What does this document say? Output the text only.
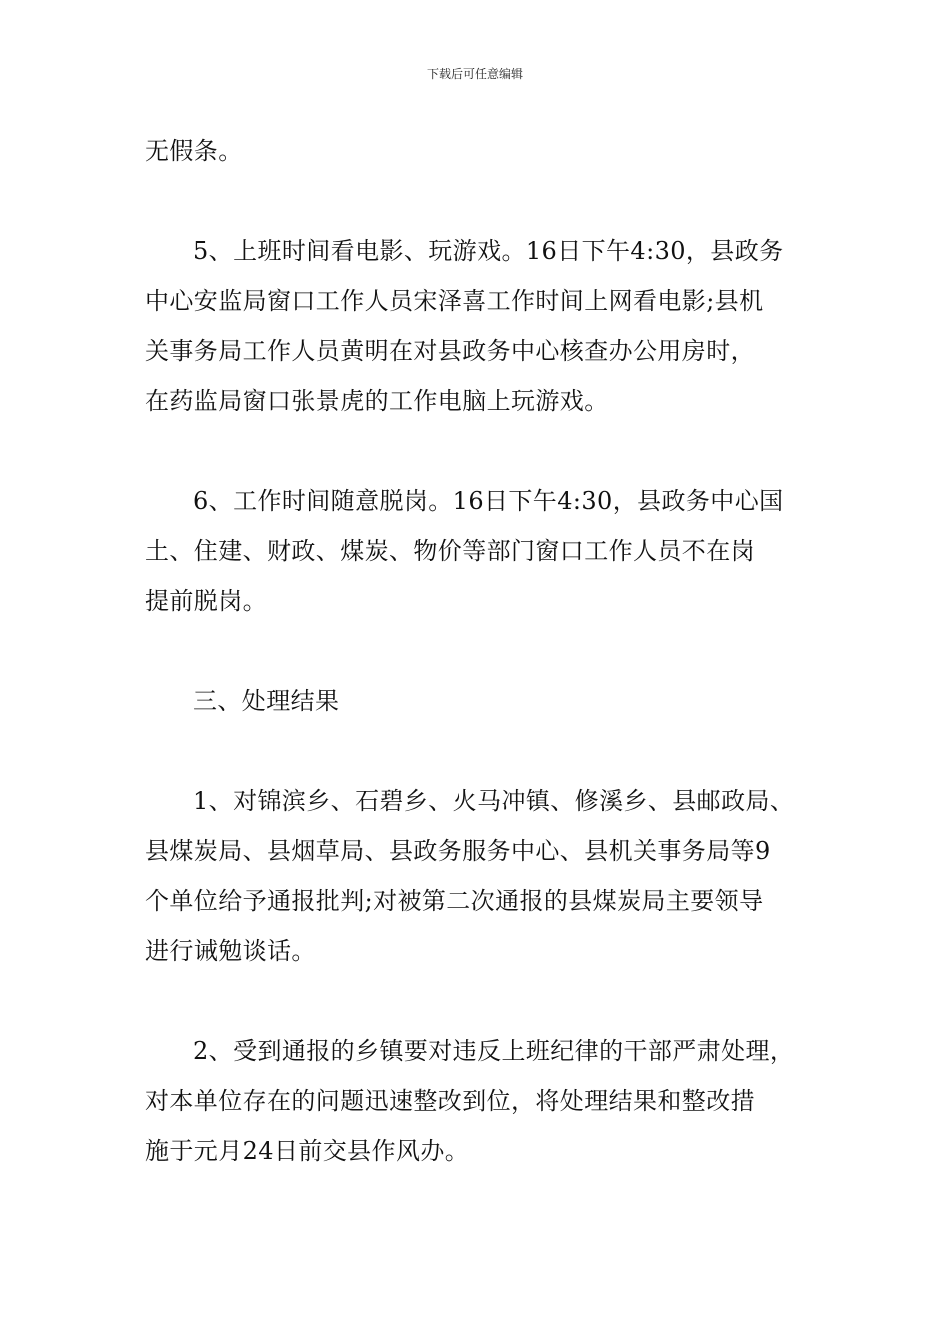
下载后可任意编辑
无假条。
5、上班时间看电影、玩游戏。16日下午4:30，县政务
中心安监局窗口工作人员宋泽喜工作时间上网看电影;县机
关事务局工作人员黄明在对县政务中心核查办公用房时，
在药监局窗口张景虎的工作电脑上玩游戏。
6、工作时间随意脱岗。16日下午4:30，县政务中心国
土、住建、财政、煤炭、物价等部门窗口工作人员不在岗
提前脱岗。
三、处理结果
1、对锦滨乡、石碧乡、火马冲镇、修溪乡、县邮政局、
县煤炭局、县烟草局、县政务服务中心、县机关事务局等9
个单位给予通报批判;对被第二次通报的县煤炭局主要领导
进行诫勉谈话。
2、受到通报的乡镇要对违反上班纪律的干部严肃处理，
对本单位存在的问题迅速整改到位，将处理结果和整改措
施于元月24日前交县作风办。
